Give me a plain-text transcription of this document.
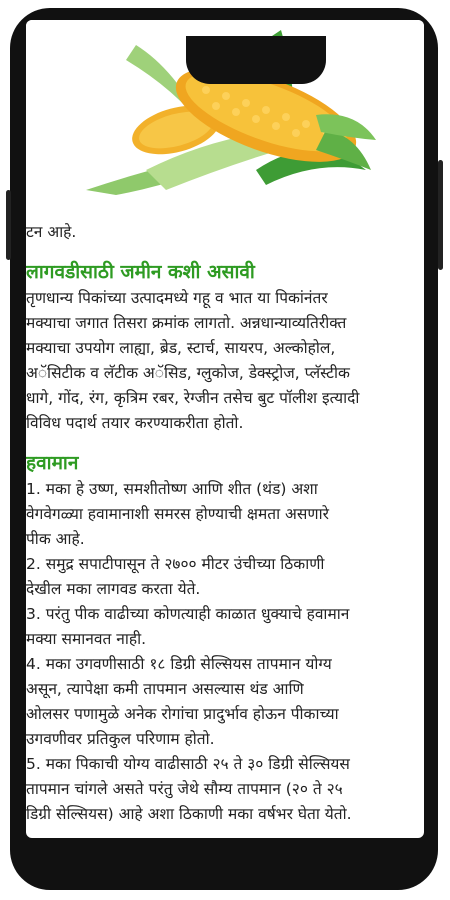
टन आहे.
लागवडीसाठी जमीन कशी असावी
तृणधान्य पिकांच्या उत्पादमध्ये गहू व भात या पिकांनंतर
मक्याचा जगात तिसरा क्रमांक लागतो. अन्नधान्याव्यतिरीक्त
मक्याचा उपयोग लाह्या, ब्रेड, स्टार्च, सायरप, अल्कोहोल,
अॅसिटीक व लॅटीक अॅसिड, ग्लुकोज, डेक्स्ट्रोज, प्लॅस्टीक
धागे, गोंद, रंग, कृत्रिम रबर, रेग्जीन तसेच बुट पॉलीश इत्यादी
विविध पदार्थ तयार करण्याकरीता होतो.
हवामान
1. मका हे उष्ण, समशीतोष्ण आणि शीत (थंड) अशा
वेगवेगळ्या हवामानाशी समरस होण्याची क्षमता असणारे
पीक आहे.
2. समुद्र सपाटीपासून ते २७०० मीटर उंचीच्या ठिकाणी
देखील मका लागवड करता येते.
3. परंतु पीक वाढीच्या कोणत्याही काळात धुक्याचे हवामान
मक्या समानवत नाही.
4. मका उगवणीसाठी १८ डिग्री सेल्सियस तापमान योग्य
असून, त्यापेक्षा कमी तापमान असल्यास थंड आणि
ओलसर पणामुळे अनेक रोगांचा प्रादुर्भाव होऊन पीकाच्या
उगवणीवर प्रतिकुल परिणाम होतो.
5. मका पिकाची योग्य वाढीसाठी २५ ते ३० डिग्री सेल्सियस
तापमान चांगले असते परंतु जेथे सौम्य तापमान (२० ते २५
डिग्री सेल्सियस) आहे अशा ठिकाणी मका वर्षभर घेता येतो.
